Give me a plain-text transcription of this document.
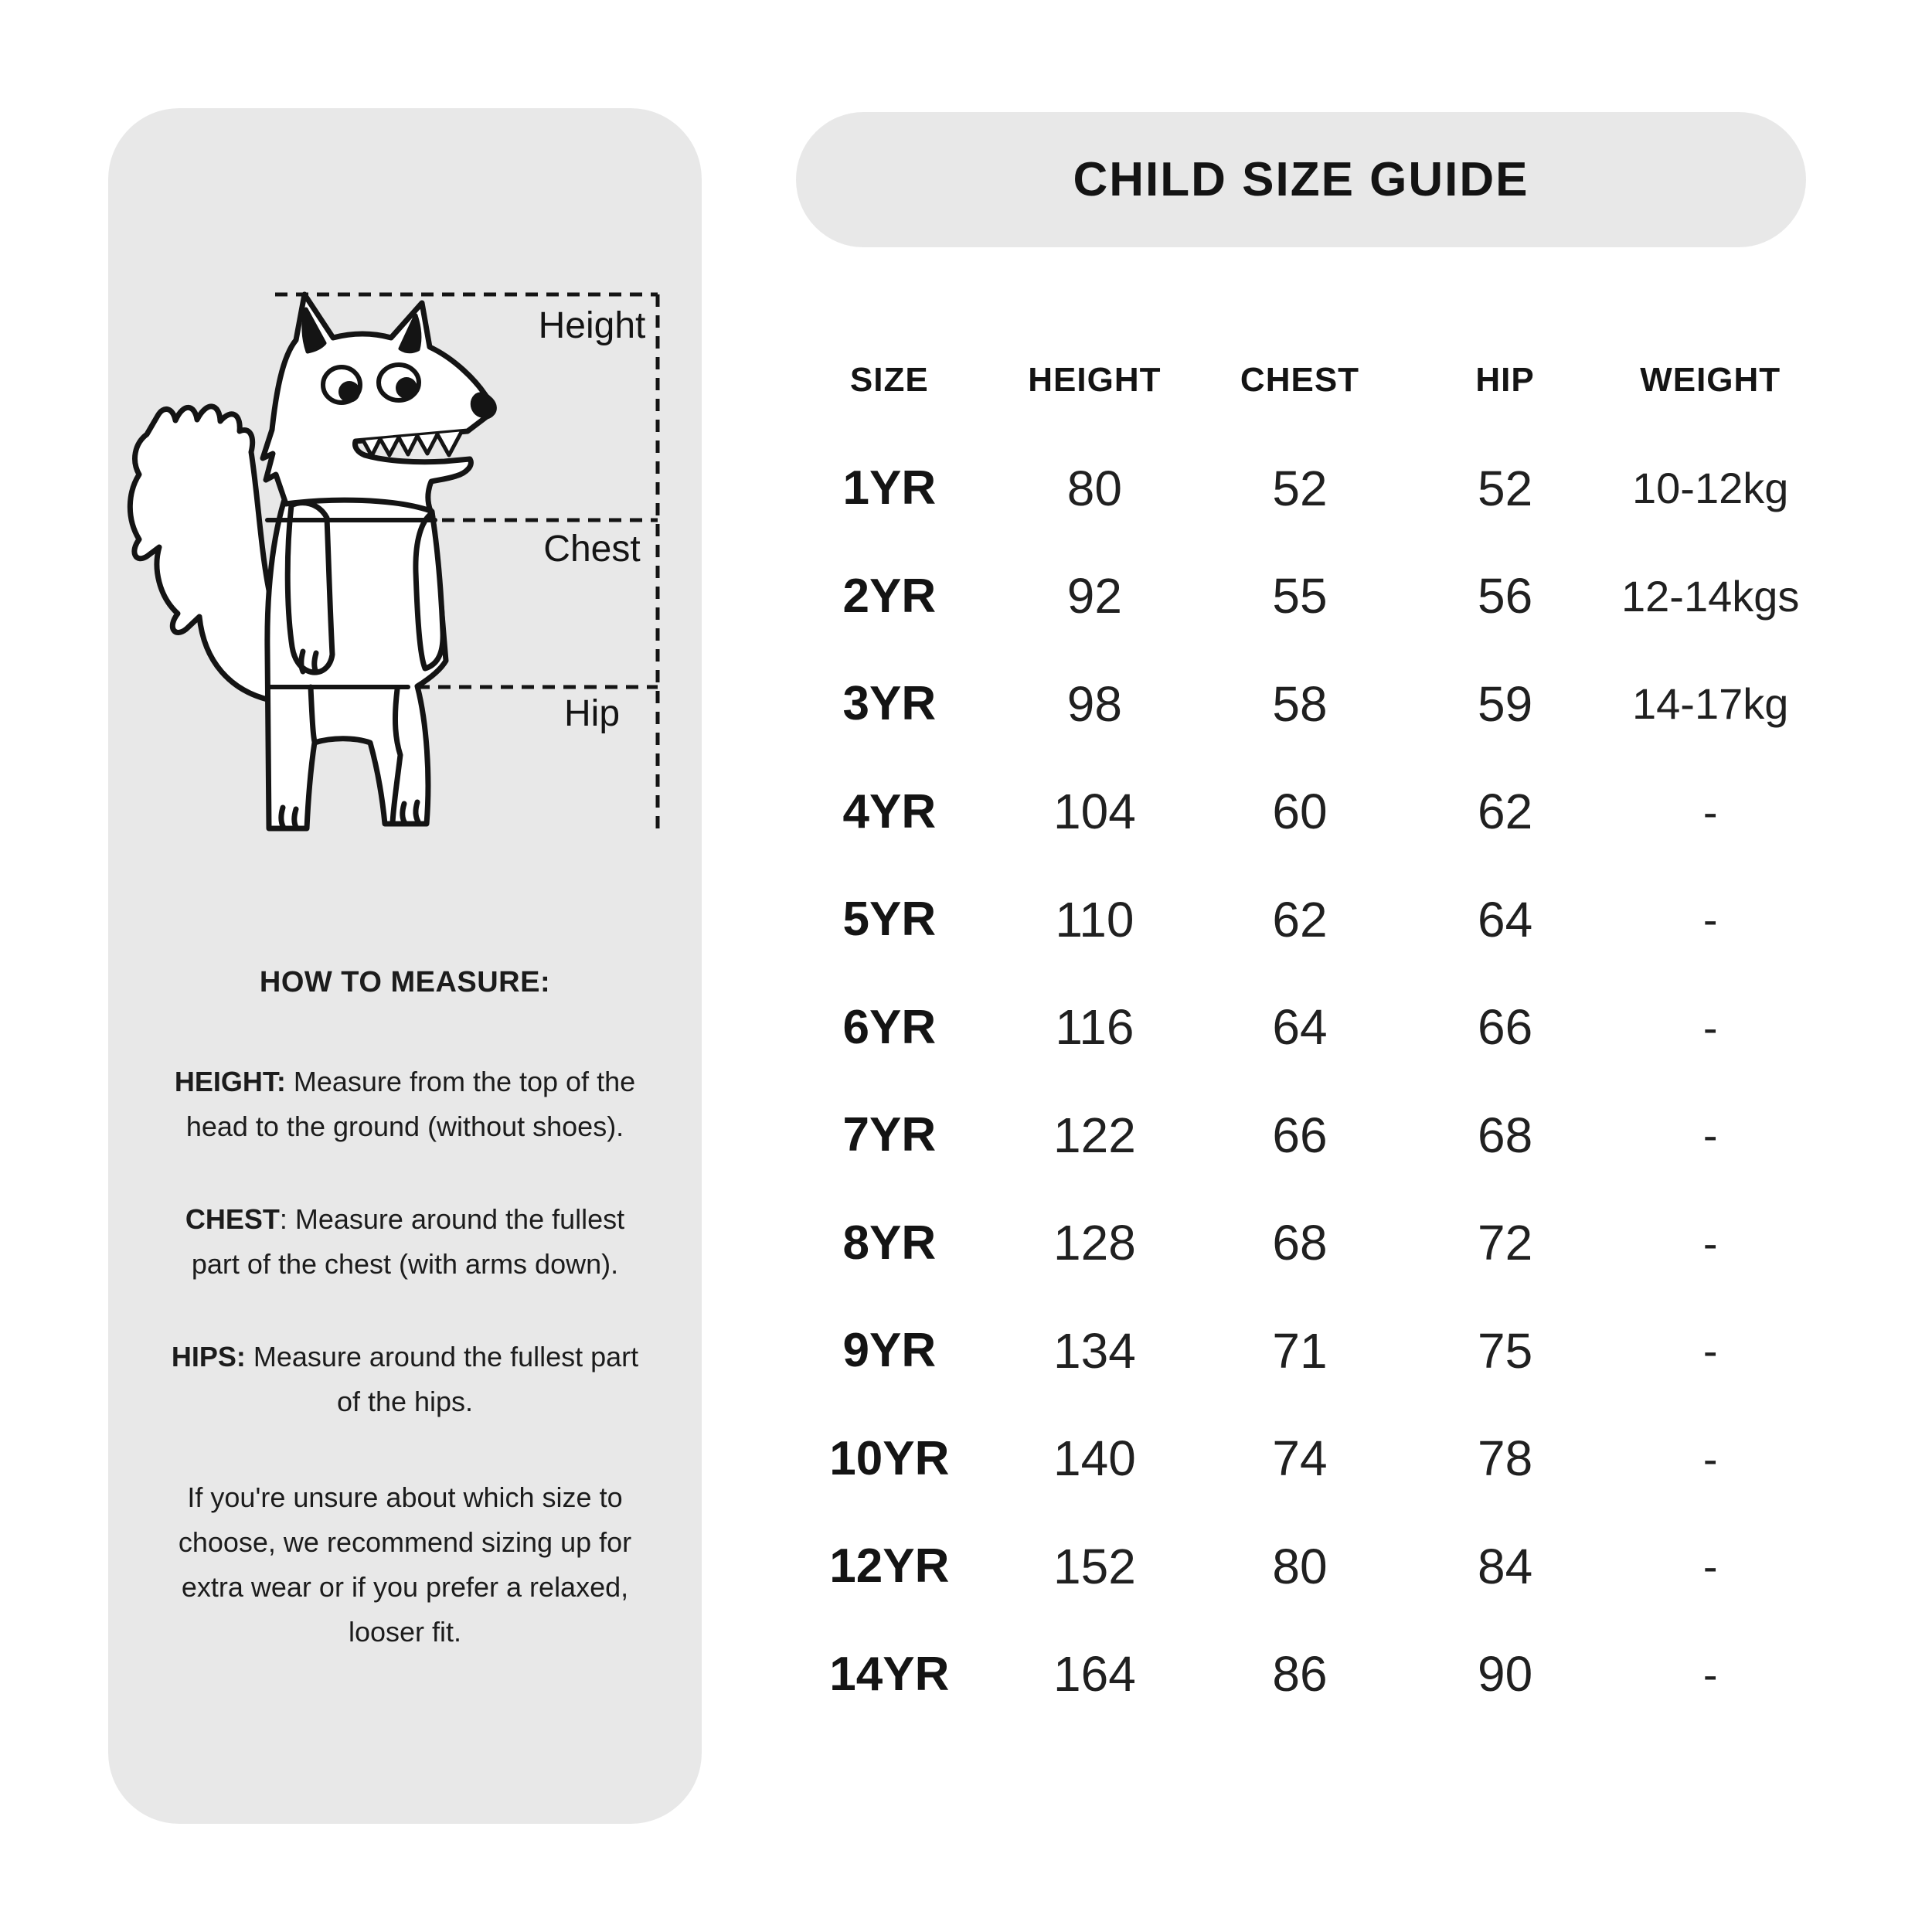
Height
Chest
Hip
HOW TO MEASURE:

HEIGHT: Measure from the top of the head to the ground (without shoes).

CHEST: Measure around the fullest part of the chest (with arms down).

HIPS: Measure around the fullest part of the hips.

If you're unsure about which size to choose, we recommend sizing up for extra wear or if you prefer a relaxed, looser fit.

CHILD SIZE GUIDE
SIZE	HEIGHT	CHEST	HIP	WEIGHT
1YR	80	52	52	10-12kg
2YR	92	55	56	12-14kgs
3YR	98	58	59	14-17kg
4YR	104	60	62	-
5YR	110	62	64	-
6YR	116	64	66	-
7YR	122	66	68	-
8YR	128	68	72	-
9YR	134	71	75	-
10YR	140	74	78	-
12YR	152	80	84	-
14YR	164	86	90	-
